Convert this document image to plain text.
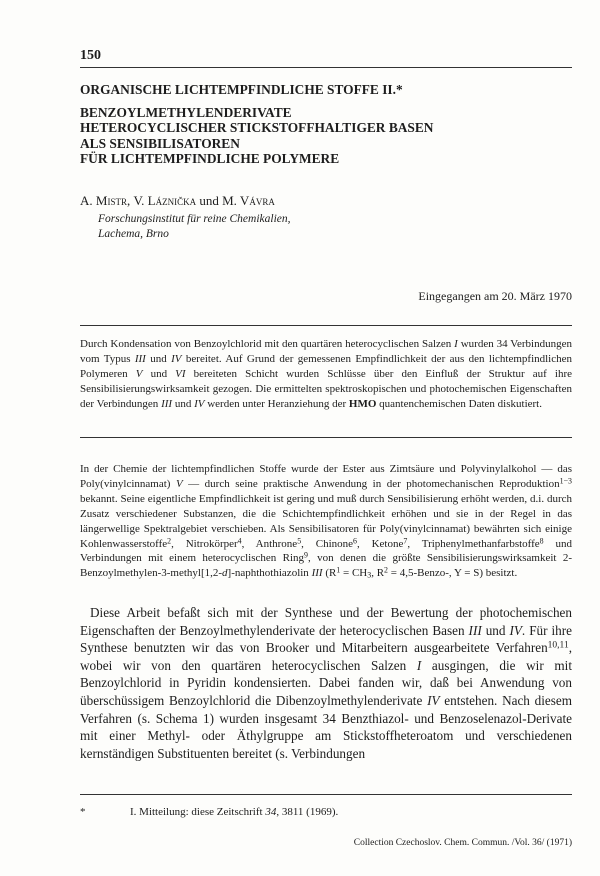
150
ORGANISCHE LICHTEMPFINDLICHE STOFFE II.*
BENZOYLMETHYLENDERIVATE
HETEROCYCLISCHER STICKSTOFFHALTIGER BASEN
ALS SENSIBILISATOREN
FÜR LICHTEMPFINDLICHE POLYMERE
A. Mistr, V. Láznička und M. Vávra
Forschungsinstitut für reine Chemikalien,
Lachema, Brno
Eingegangen am 20. März 1970

Durch Kondensation von Benzoylchlorid mit den quartären heterocyclischen Salzen I wurden 34 Verbindungen vom Typus III und IV bereitet. Auf Grund der gemessenen Empfindlichkeit der aus den lichtempfindlichen Polymeren V und VI bereiteten Schicht wurden Schlüsse über den Einfluß der Struktur auf ihre Sensibilisierungswirksamkeit gezogen. Die ermittelten spektroskopischen und photochemischen Eigenschaften der Verbindungen III und IV werden unter Heranziehung der HMO quantenchemischen Daten diskutiert.

In der Chemie der lichtempfindlichen Stoffe wurde der Ester aus Zimtsäure und Polyvinylalkohol — das Poly(vinylcinnamat) V — durch seine praktische Anwendung in der photomechanischen Reproduktion$^{1-3}$ bekannt. Seine eigentliche Empfindlichkeit ist gering und muß durch Sensibilisierung erhöht werden, d.i. durch Zusatz verschiedener Substanzen, die die Schichtempfindlichkeit erhöhen und sie in der Regel in das längerwellige Spektralgebiet verschieben. Als Sensibilisatoren für Poly(vinylcinnamat) bewährten sich einige Kohlenwasserstoffe$^2$, Nitrokörper$^4$, Anthrone$^5$, Chinone$^6$, Ketone$^7$, Triphenylmethanfarbstoffe$^8$ und Verbindungen mit einem heterocyclischen Ring$^9$, von denen die größte Sensibilisierungswirksamkeit 2-Benzoylmethylen-3-methyl[1,2-d]-naphthothiazolin III ($R^1 = CH_3$, $R^2$ = 4,5-Benzo-, Y = S) besitzt.

Diese Arbeit befaßt sich mit der Synthese und der Bewertung der photochemischen Eigenschaften der Benzoylmethylenderivate der heterocyclischen Basen III und IV. Für ihre Synthese benutzten wir das von Brooker und Mitarbeitern ausgearbeitete Verfahren$^{10,11}$, wobei wir von den quartären heterocyclischen Salzen I ausgingen, die wir mit Benzoylchlorid in Pyridin kondensierten. Dabei fanden wir, daß bei Anwendung von überschüssigem Benzoylchlorid die Dibenzoylmethylenderivate IV entstehen. Nach diesem Verfahren (s. Schema 1) wurden insgesamt 34 Benzthiazol- und Benzoselenazol-Derivate mit einer Methyl- oder Äthylgruppe am Stickstoffheteroatom und verschiedenen kernständigen Substituenten bereitet (s. Verbindungen

*	I. Mitteilung: diese Zeitschrift 34, 3811 (1969).
Collection Czechoslov. Chem. Commun. /Vol. 36/ (1971)
